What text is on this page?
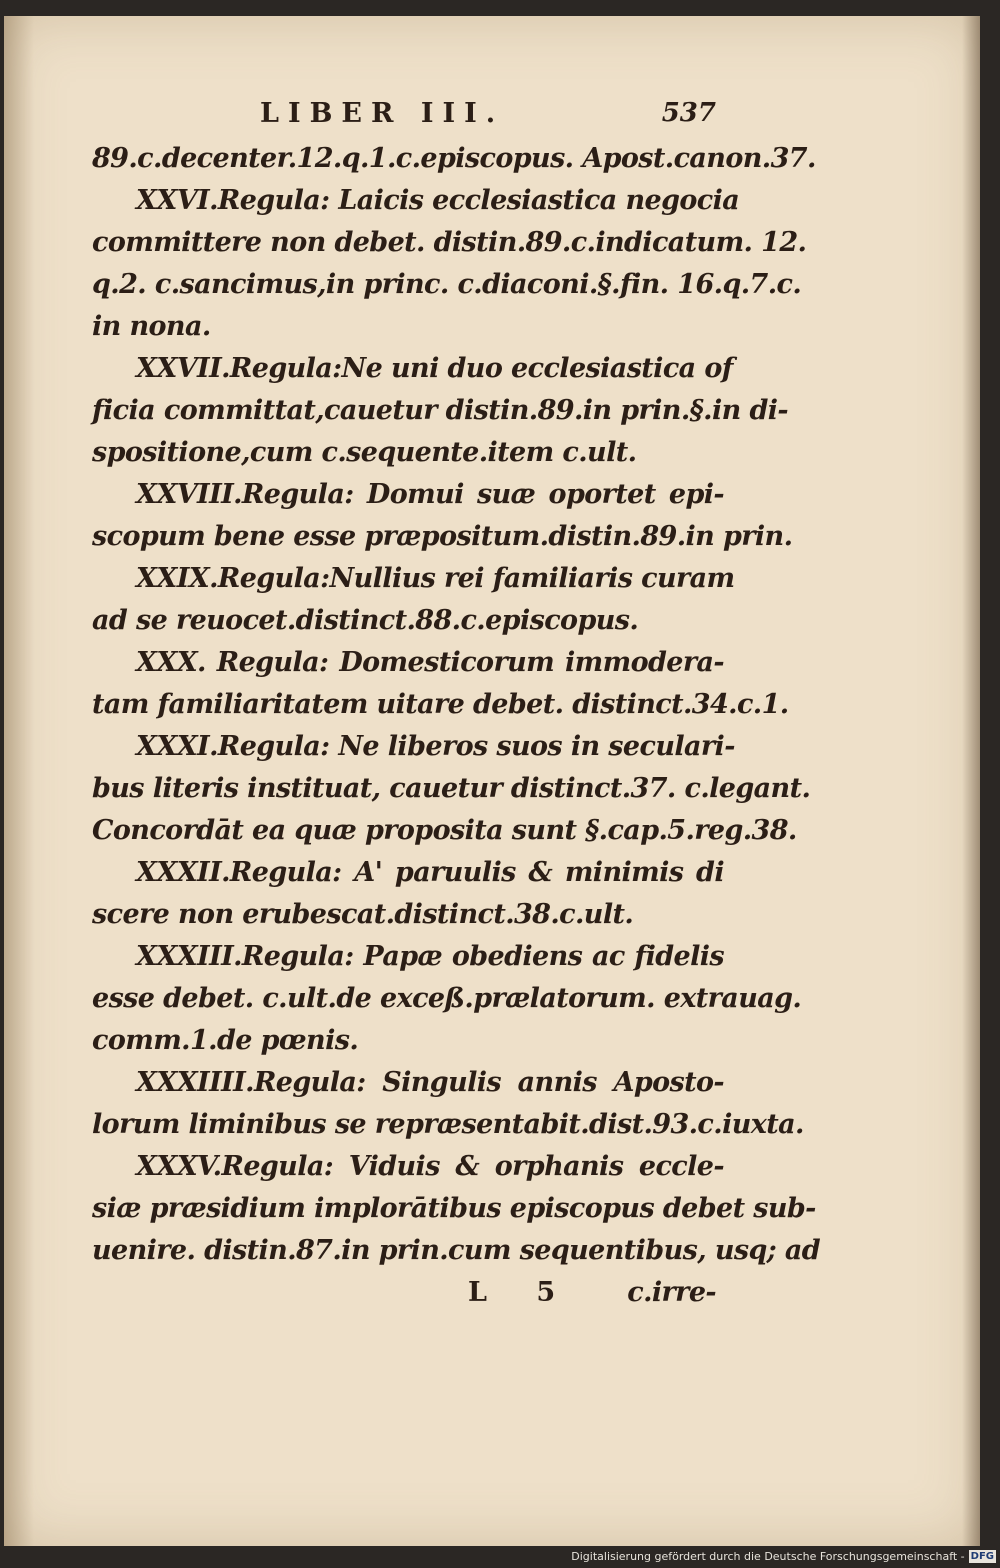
LIBER III.	537
89.c.decenter.12.q.1.c.episcopus. Apost.canon.37.
XXVI.Regula: Laicis ecclesiastica negocia
committere non debet. distin.89.c.indicatum. 12.
q.2. c.sancimus,in princ. c.diaconi.§.fin. 16.q.7.c.
in nona.
XXVII.Regula:Ne uni duo ecclesiastica of
ficia committat,cauetur distin.89.in prin.§.in di-
spositione,cum c.sequente.item c.ult.
XXVIII.Regula: Domui suæ oportet epi-
scopum bene esse præpositum.distin.89.in prin.
XXIX.Regula:Nullius rei familiaris curam
ad se reuocet.distinct.88.c.episcopus.
XXX. Regula: Domesticorum immodera-
tam familiaritatem uitare debet. distinct.34.c.1.
XXXI.Regula: Ne liberos suos in seculari-
bus literis instituat, cauetur distinct.37. c.legant.
Concordāt ea quæ proposita sunt §.cap.5.reg.38.
XXXII.Regula: A' paruulis & minimis di
scere non erubescat.distinct.38.c.ult.
XXXIII.Regula: Papæ obediens ac fidelis
esse debet. c.ult.de exceß.prælatorum. extrauag.
comm.1.de pœnis.
XXXIIII.Regula: Singulis annis Aposto-
lorum liminibus se repræsentabit.dist.93.c.iuxta.
XXXV.Regula: Viduis & orphanis eccle-
siæ præsidium implorātibus episcopus debet sub-
uenire. distin.87.in prin.cum sequentibus, usq; ad
L 5 c.irre-
Digitalisierung gefördert durch die Deutsche Forschungsgemeinschaft - DFG
